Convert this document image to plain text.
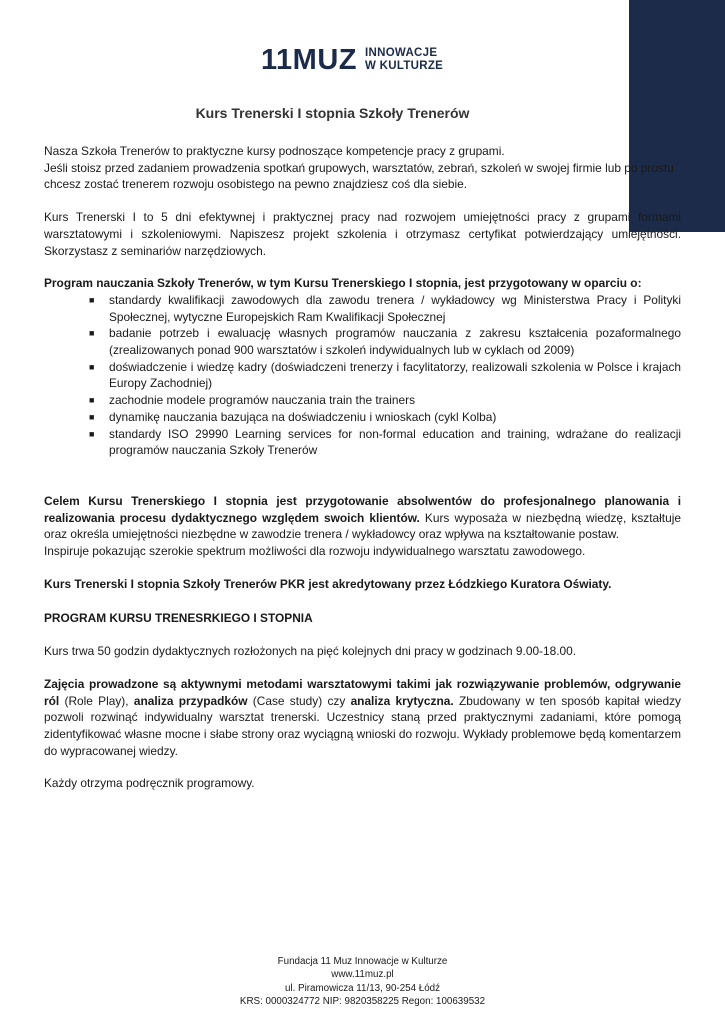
11MUZ INNOWACJE
W KULTURZE
Kurs Trenerski I stopnia Szkoły Trenerów

Nasza Szkoła Trenerów to praktyczne kursy podnoszące kompetencje pracy z grupami.

Jeśli stoisz przed zadaniem prowadzenia spotkań grupowych, warsztatów, zebrań, szkoleń w swojej firmie lub po prostu chcesz zostać trenerem rozwoju osobistego na pewno znajdziesz coś dla siebie.

Kurs Trenerski I to 5 dni efektywnej i praktycznej pracy nad rozwojem umiejętności pracy z grupami formami warsztatowymi i szkoleniowymi. Napiszesz projekt szkolenia i otrzymasz certyfikat potwierdzający umiejętności. Skorzystasz z seminariów narzędziowych.

Program nauczania Szkoły Trenerów, w tym Kursu Trenerskiego I stopnia, jest przygotowany w oparciu o:

■ standardy kwalifikacji zawodowych dla zawodu trenera / wykładowcy wg Ministerstwa Pracy i Polityki Społecznej, wytyczne Europejskich Ram Kwalifikacji Społecznej
■ badanie potrzeb i ewaluację własnych programów nauczania z zakresu kształcenia pozaformalnego (zrealizowanych ponad 900 warsztatów i szkoleń indywidualnych lub w cyklach od 2009)
■ doświadczenie i wiedzę kadry (doświadczeni trenerzy i facylitatorzy, realizowali szkolenia w Polsce i krajach Europy Zachodniej)
■ zachodnie modele programów nauczania train the trainers
■ dynamikę nauczania bazująca na doświadczeniu i wnioskach (cykl Kolba)
■ standardy ISO 29990 Learning services for non-formal education and training, wdrażane do realizacji programów nauczania Szkoły Trenerów

Celem Kursu Trenerskiego I stopnia jest przygotowanie absolwentów do profesjonalnego planowania i realizowania procesu dydaktycznego względem swoich klientów. Kurs wyposaża w niezbędną wiedzę, kształtuje oraz określa umiejętności niezbędne w zawodzie trenera / wykładowcy oraz wpływa na kształtowanie postaw.

Inspiruje pokazując szerokie spektrum możliwości dla rozwoju indywidualnego warsztatu zawodowego.

Kurs Trenerski I stopnia Szkoły Trenerów PKR jest akredytowany przez Łódzkiego Kuratora Oświaty.

PROGRAM KURSU TRENESRKIEGO I STOPNIA

Kurs trwa 50 godzin dydaktycznych rozłożonych na pięć kolejnych dni pracy w godzinach 9.00-18.00.

Zajęcia prowadzone są aktywnymi metodami warsztatowymi takimi jak rozwiązywanie problemów, odgrywanie ról (Role Play), analiza przypadków (Case study) czy analiza krytyczna. Zbudowany w ten sposób kapitał wiedzy pozwoli rozwinąć indywidualny warsztat trenerski. Uczestnicy staną przed praktycznymi zadaniami, które pomogą zidentyfikować własne mocne i słabe strony oraz wyciągną wnioski do rozwoju. Wykłady problemowe będą komentarzem do wypracowanej wiedzy.

Każdy otrzyma podręcznik programowy.

Fundacja 11 Muz Innowacje w Kulturze
www.11muz.pl
ul. Piramowicza 11/13, 90-254 Łódź
KRS: 0000324772 NIP: 9820358225 Regon: 100639532
